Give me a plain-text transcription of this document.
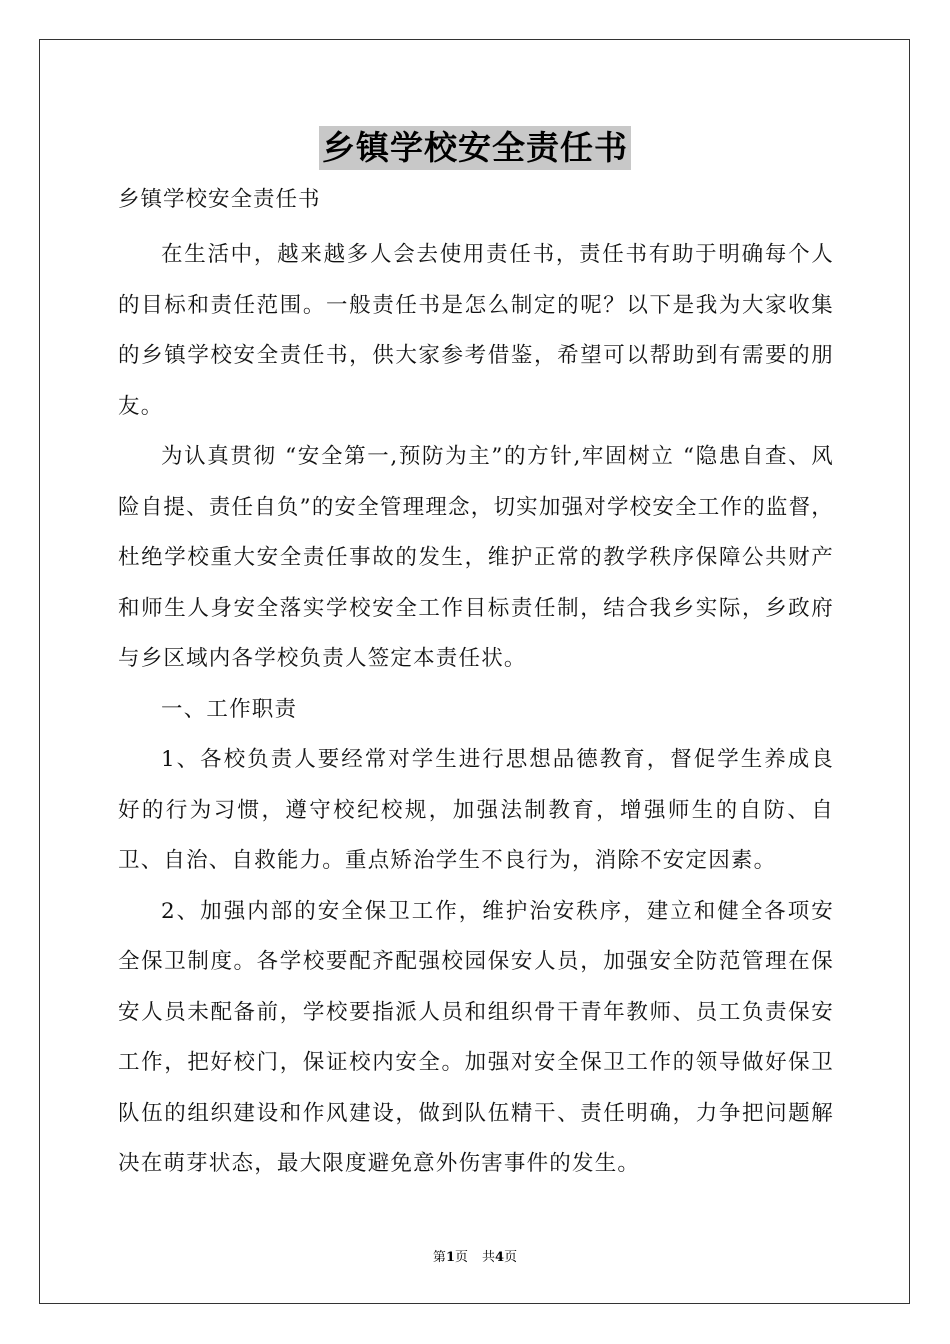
乡镇学校安全责任书

乡镇学校安全责任书

在生活中，越来越多人会去使用责任书，责任书有助于明确每个人的目标和责任范围。一般责任书是怎么制定的呢？以下是我为大家收集的乡镇学校安全责任书，供大家参考借鉴，希望可以帮助到有需要的朋友。

为认真贯彻 “安全第一,预防为主”的方针,牢固树立 “隐患自查、风险自提、责任自负”的安全管理理念，切实加强对学校安全工作的监督，杜绝学校重大安全责任事故的发生，维护正常的教学秩序保障公共财产和师生人身安全落实学校安全工作目标责任制，结合我乡实际，乡政府与乡区域内各学校负责人签定本责任状。

一、工作职责

1、各校负责人要经常对学生进行思想品德教育，督促学生养成良好的行为习惯，遵守校纪校规，加强法制教育，增强师生的自防、自卫、自治、自救能力。重点矫治学生不良行为，消除不安定因素。

2、加强内部的安全保卫工作，维护治安秩序，建立和健全各项安全保卫制度。各学校要配齐配强校园保安人员，加强安全防范管理在保安人员未配备前，学校要指派人员和组织骨干青年教师、员工负责保安工作，把好校门，保证校内安全。加强对安全保卫工作的领导做好保卫队伍的组织建设和作风建设，做到队伍精干、责任明确，力争把问题解决在萌芽状态，最大限度避免意外伤害事件的发生。

第1页 共4页
